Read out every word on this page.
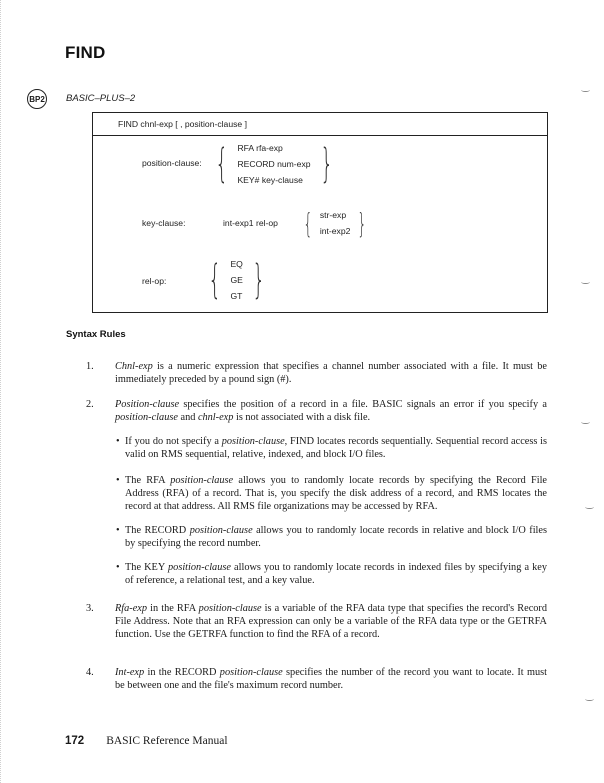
FIND
BP2 BASIC–PLUS–2
FIND chnl-exp [ , position-clause ]
position-clause: { RFA rfa-exp
RECORD num-exp
KEY# key-clause }
key-clause:	int-exp1 rel-op { str-exp
int-exp2 }
rel-op: { EQ
GE
GT }
Syntax Rules
1. Chnl-exp is a numeric expression that specifies a channel number associated with a file. It must be immediately preceded by a pound sign (#).
2. Position-clause specifies the position of a record in a file. BASIC signals an error if you specify a position-clause and chnl-exp is not associated with a disk file.
• If you do not specify a position-clause, FIND locates records sequentially. Sequential record access is valid on RMS sequential, relative, indexed, and block I/O files.
• The RFA position-clause allows you to randomly locate records by specifying the Record File Address (RFA) of a record. That is, you specify the disk address of a record, and RMS locates the record at that address. All RMS file organizations may be accessed by RFA.
• The RECORD position-clause allows you to randomly locate records in relative and block I/O files by specifying the record number.
• The KEY position-clause allows you to randomly locate records in indexed files by specifying a key of reference, a relational test, and a key value.
3. Rfa-exp in the RFA position-clause is a variable of the RFA data type that specifies the record's Record File Address. Note that an RFA expression can only be a variable of the RFA data type or the GETRFA function. Use the GETRFA function to find the RFA of a record.
4. Int-exp in the RECORD position-clause specifies the number of the record you want to locate. It must be between one and the file's maximum record number.
172 BASIC Reference Manual
